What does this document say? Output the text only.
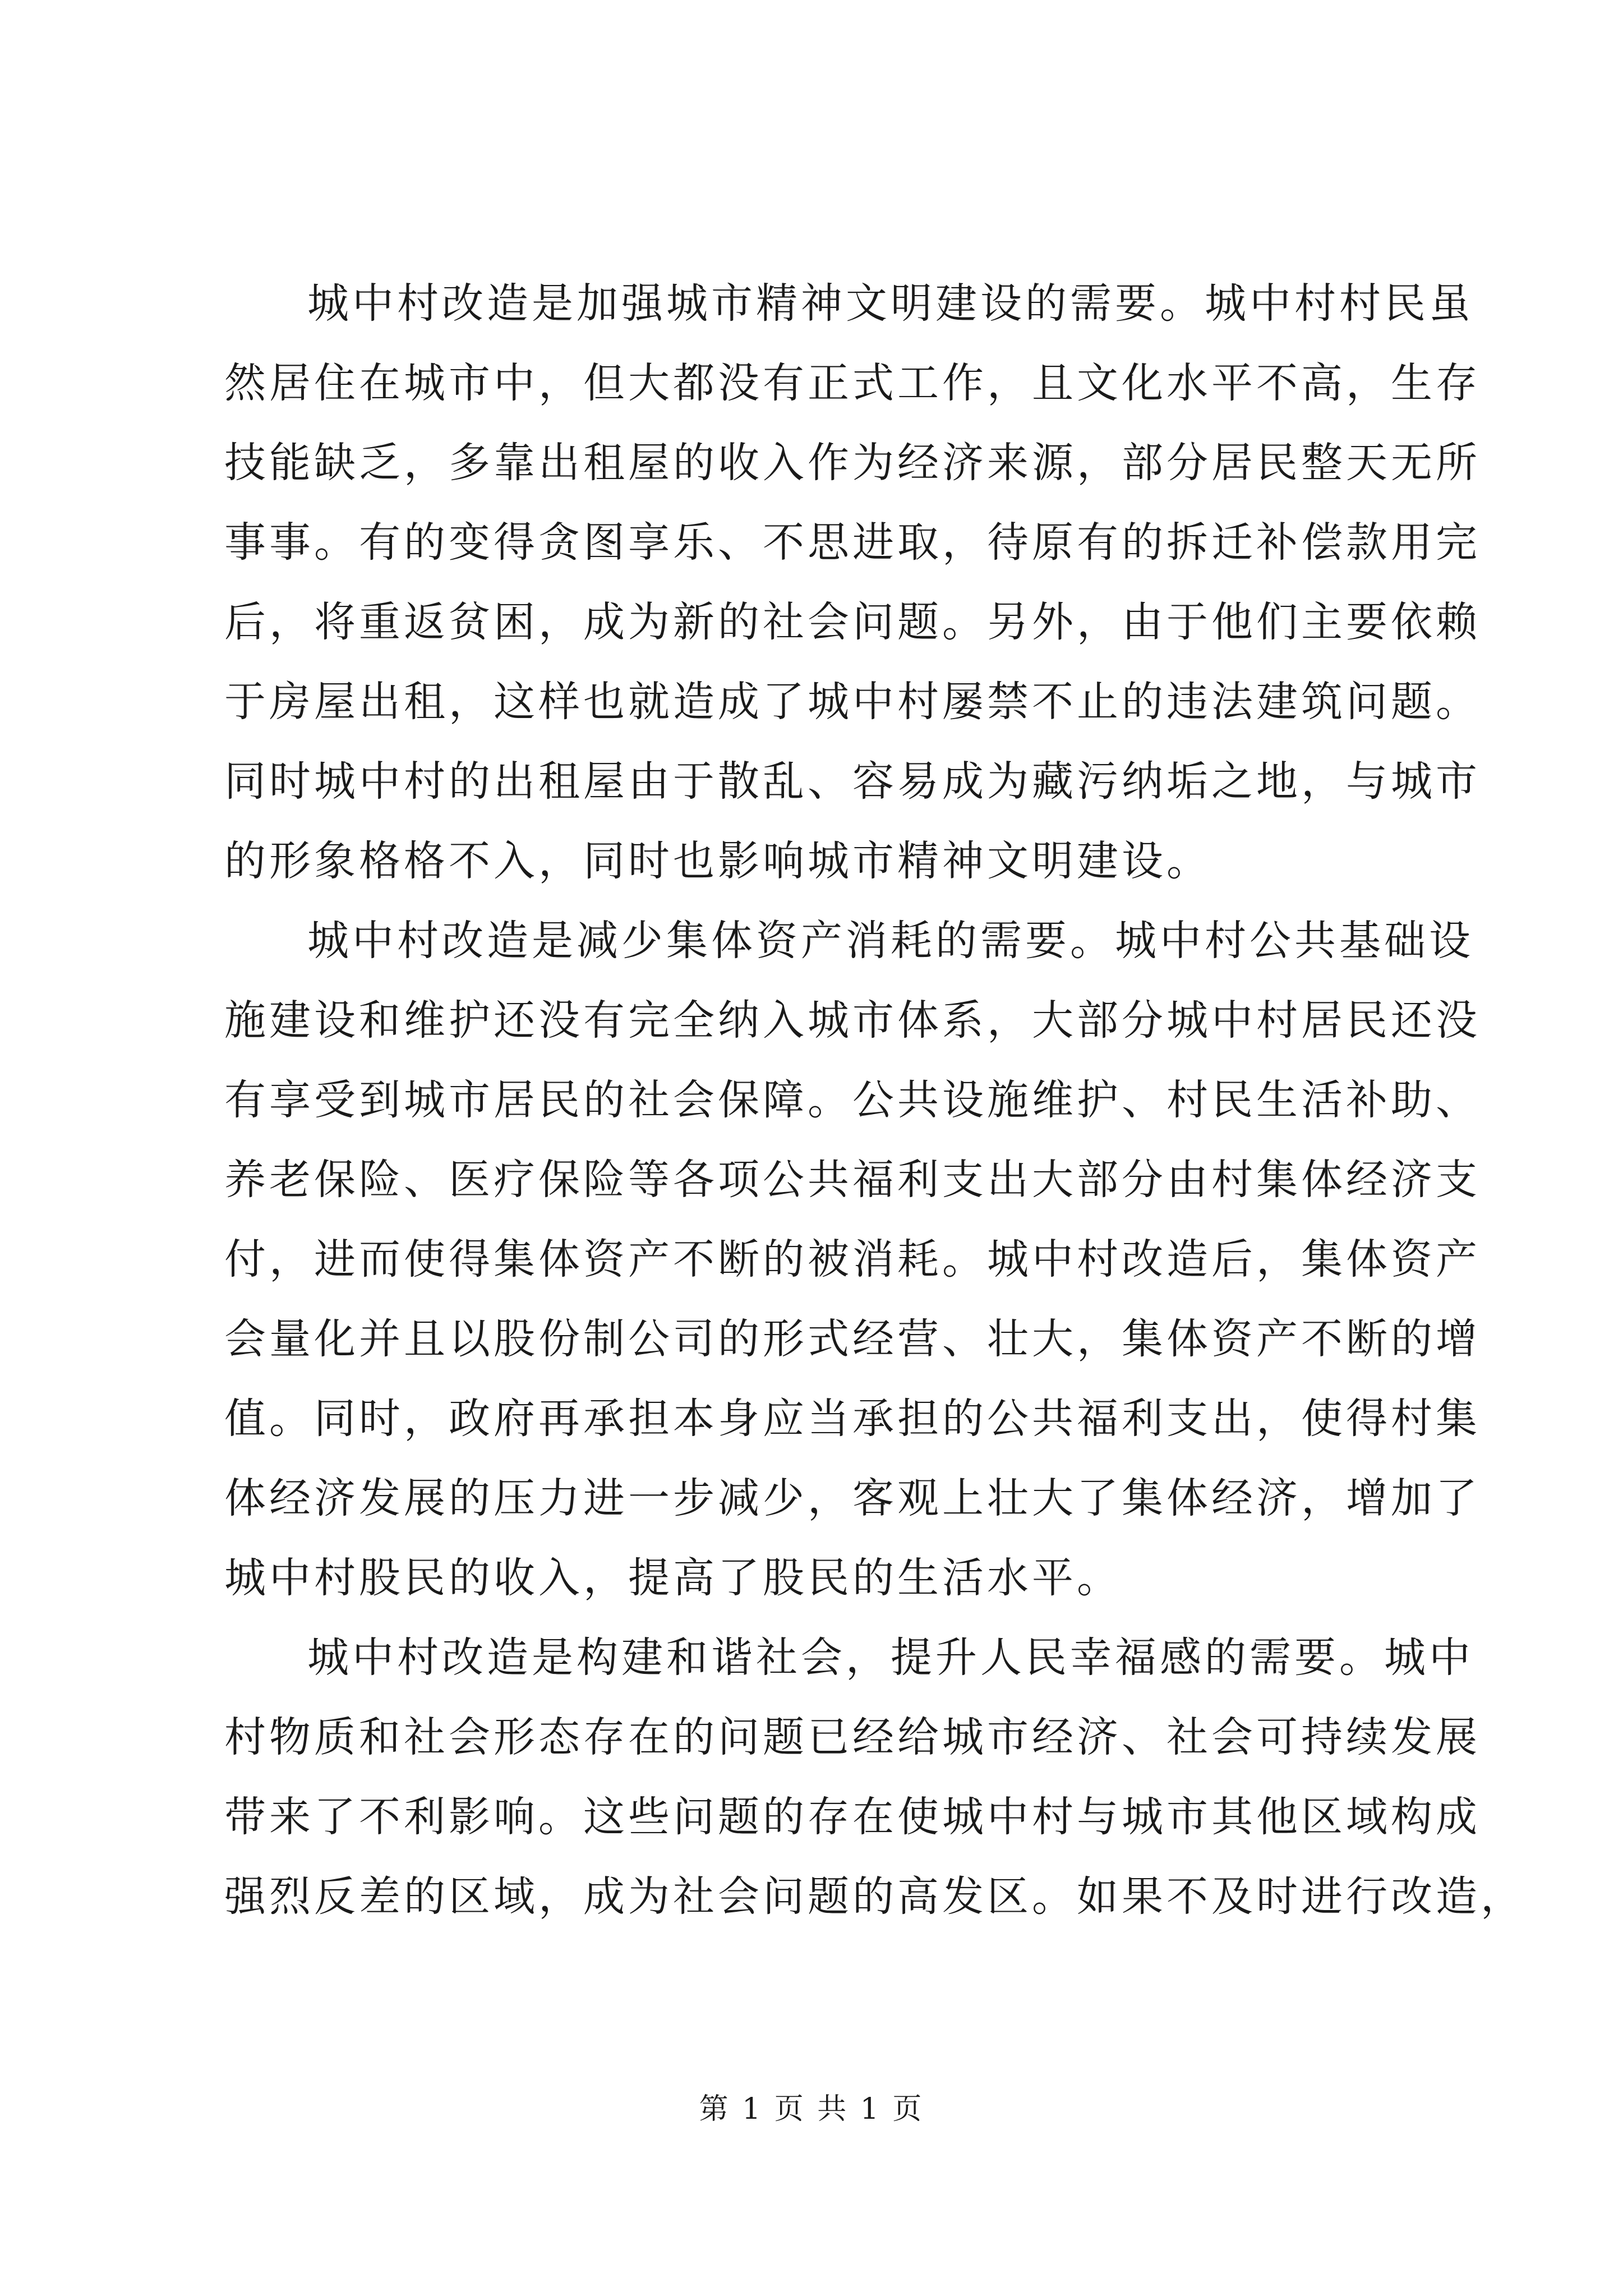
城中村改造是加强城市精神文明建设的需要。城中村村民虽
然居住在城市中，但大都没有正式工作，且文化水平不高，生存
技能缺乏，多靠出租屋的收入作为经济来源，部分居民整天无所
事事。有的变得贪图享乐、不思进取，待原有的拆迁补偿款用完
后，将重返贫困，成为新的社会问题。另外，由于他们主要依赖
于房屋出租，这样也就造成了城中村屡禁不止的违法建筑问题。
同时城中村的出租屋由于散乱、容易成为藏污纳垢之地，与城市
的形象格格不入，同时也影响城市精神文明建设。
城中村改造是减少集体资产消耗的需要。城中村公共基础设
施建设和维护还没有完全纳入城市体系，大部分城中村居民还没
有享受到城市居民的社会保障。公共设施维护、村民生活补助、
养老保险、医疗保险等各项公共福利支出大部分由村集体经济支
付，进而使得集体资产不断的被消耗。城中村改造后，集体资产
会量化并且以股份制公司的形式经营、壮大，集体资产不断的增
值。同时，政府再承担本身应当承担的公共福利支出，使得村集
体经济发展的压力进一步减少，客观上壮大了集体经济，增加了
城中村股民的收入，提高了股民的生活水平。
城中村改造是构建和谐社会，提升人民幸福感的需要。城中
村物质和社会形态存在的问题已经给城市经济、社会可持续发展
带来了不利影响。这些问题的存在使城中村与城市其他区域构成
强烈反差的区域，成为社会问题的高发区。如果不及时进行改造，
第 1 页 共 1 页
